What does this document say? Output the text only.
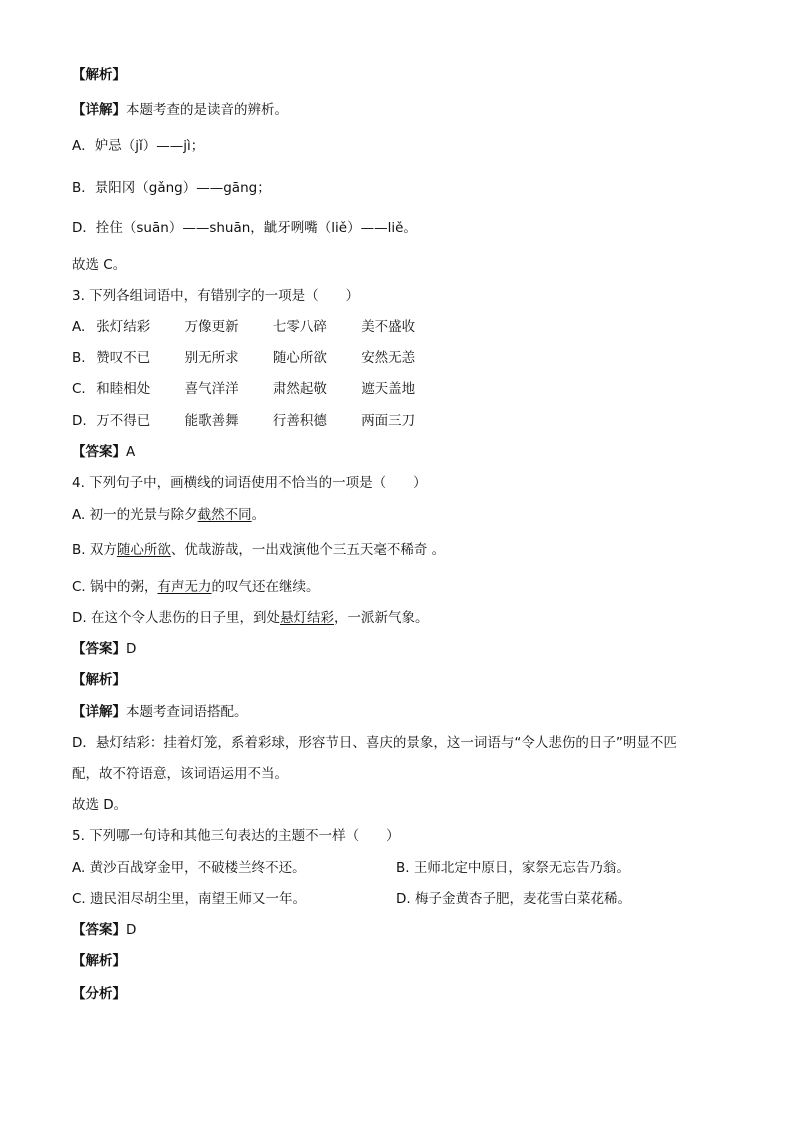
【解析】
【详解】本题考查的是读音的辨析。
A．妒忌（jǐ）——jì；
B．景阳冈（gǎng）——gāng；
D．拴住（suān）——shuān，龇牙咧嘴（liě）——liě。
故选 C。
3. 下列各组词语中，有错别字的一项是（　　）
A. 张灯结彩	万像更新	七零八碎	美不盛收
B. 赞叹不已	别无所求	随心所欲	安然无恙
C. 和睦相处	喜气洋洋	肃然起敬	遮天盖地
D. 万不得已	能歌善舞	行善积德	两面三刀
【答案】A
4. 下列句子中，画横线的词语使用不恰当的一项是（　　）
A. 初一的光景与除夕截然不同。
B. 双方随心所欲、优哉游哉，一出戏演他个三五天毫不稀奇 。
C. 锅中的粥，有声无力的叹气还在继续。
D. 在这个令人悲伤的日子里，到处悬灯结彩，一派新气象。
【答案】D
【解析】
【详解】本题考查词语搭配。
D．悬灯结彩：挂着灯笼，系着彩球，形容节日、喜庆的景象，这一词语与“令人悲伤的日子”明显不匹
配，故不符语意，该词语运用不当。
故选 D。
5. 下列哪一句诗和其他三句表达的主题不一样（　　）
A. 黄沙百战穿金甲，不破楼兰终不还。	B. 王师北定中原日，家祭无忘告乃翁。
C. 遗民泪尽胡尘里，南望王师又一年。	D. 梅子金黄杏子肥，麦花雪白菜花稀。
【答案】D
【解析】
【分析】
